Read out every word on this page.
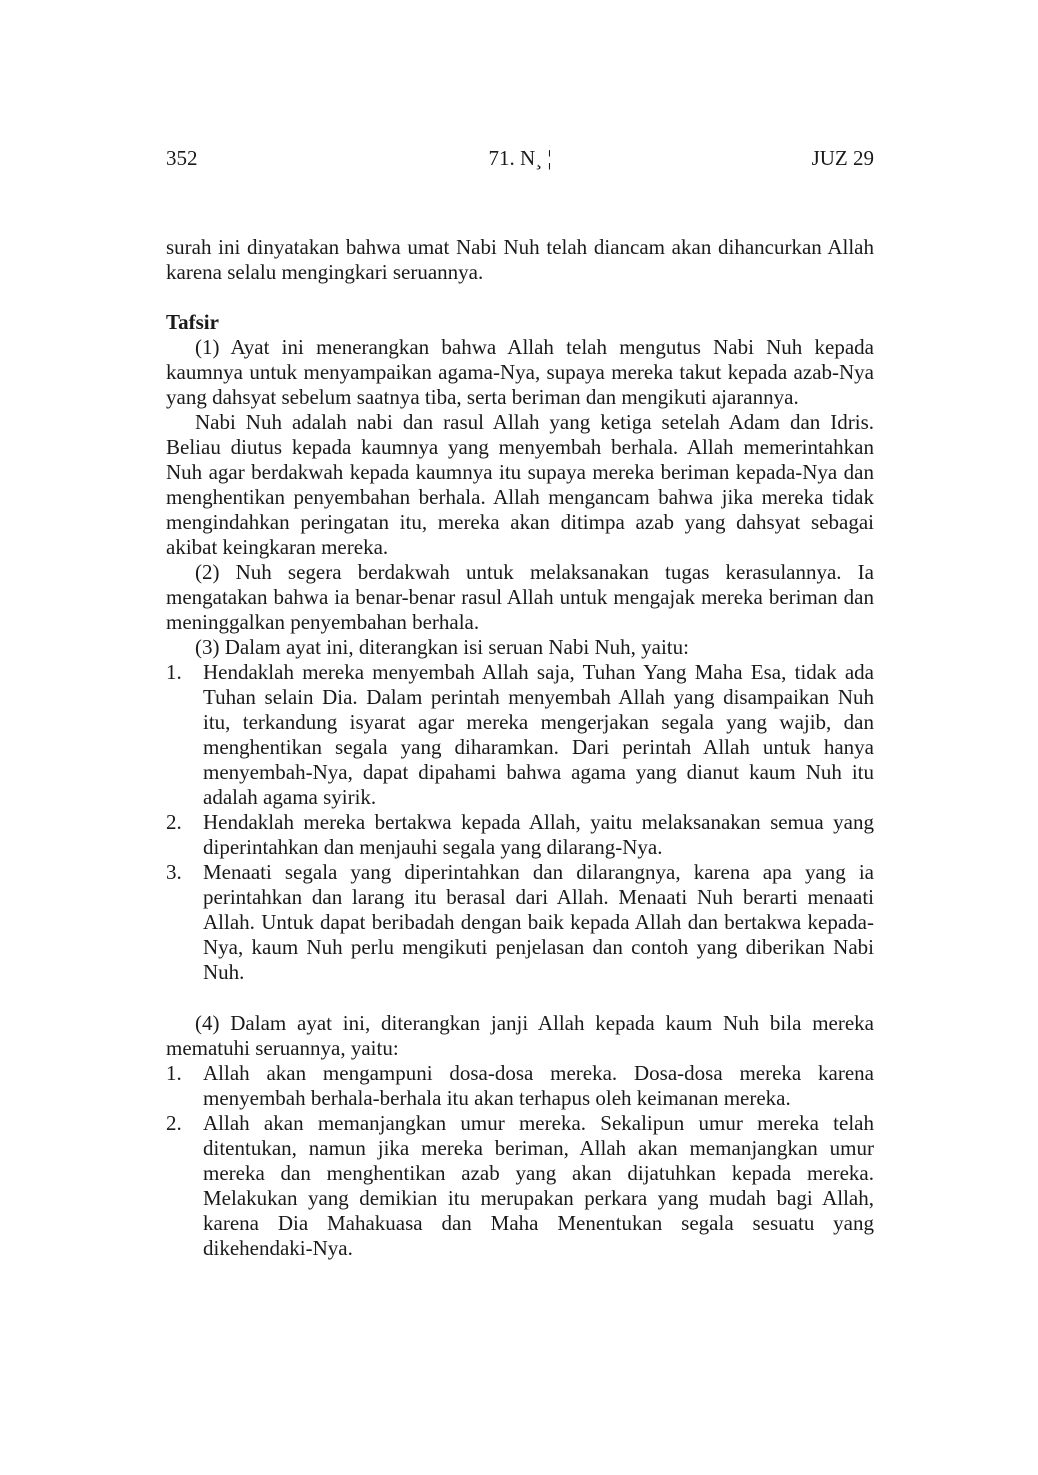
352	71. N¸ ¦	JUZ 29

surah ini dinyatakan bahwa umat Nabi Nuh telah diancam akan dihancurkan Allah karena selalu mengingkari seruannya.

Tafsir

(1) Ayat ini menerangkan bahwa Allah telah mengutus Nabi Nuh kepada kaumnya untuk menyampaikan agama-Nya, supaya mereka takut kepada azab-Nya yang dahsyat sebelum saatnya tiba, serta beriman dan mengikuti ajarannya.

Nabi Nuh adalah nabi dan rasul Allah yang ketiga setelah Adam dan Idris. Beliau diutus kepada kaumnya yang menyembah berhala. Allah memerintahkan Nuh agar berdakwah kepada kaumnya itu supaya mereka beriman kepada-Nya dan menghentikan penyembahan berhala. Allah mengancam bahwa jika mereka tidak mengindahkan peringatan itu, mereka akan ditimpa azab yang dahsyat sebagai akibat keingkaran mereka.

(2) Nuh segera berdakwah untuk melaksanakan tugas kerasulannya. Ia mengatakan bahwa ia benar-benar rasul Allah untuk mengajak mereka beriman dan meninggalkan penyembahan berhala.

(3) Dalam ayat ini, diterangkan isi seruan Nabi Nuh, yaitu:

1. Hendaklah mereka menyembah Allah saja, Tuhan Yang Maha Esa, tidak ada Tuhan selain Dia. Dalam perintah menyembah Allah yang disampaikan Nuh itu, terkandung isyarat agar mereka mengerjakan segala yang wajib, dan menghentikan segala yang diharamkan. Dari perintah Allah untuk hanya menyembah-Nya, dapat dipahami bahwa agama yang dianut kaum Nuh itu adalah agama syirik.
2. Hendaklah mereka bertakwa kepada Allah, yaitu melaksanakan semua yang diperintahkan dan menjauhi segala yang dilarang-Nya.
3. Menaati segala yang diperintahkan dan dilarangnya, karena apa yang ia perintahkan dan larang itu berasal dari Allah. Menaati Nuh berarti menaati Allah. Untuk dapat beribadah dengan baik kepada Allah dan bertakwa kepada-Nya, kaum Nuh perlu mengikuti penjelasan dan contoh yang diberikan Nabi Nuh.

(4) Dalam ayat ini, diterangkan janji Allah kepada kaum Nuh bila mereka mematuhi seruannya, yaitu:

1. Allah akan mengampuni dosa-dosa mereka. Dosa-dosa mereka karena menyembah berhala-berhala itu akan terhapus oleh keimanan mereka.
2. Allah akan memanjangkan umur mereka. Sekalipun umur mereka telah ditentukan, namun jika mereka beriman, Allah akan memanjangkan umur mereka dan menghentikan azab yang akan dijatuhkan kepada mereka. Melakukan yang demikian itu merupakan perkara yang mudah bagi Allah, karena Dia Mahakuasa dan Maha Menentukan segala sesuatu yang dikehendaki-Nya.
